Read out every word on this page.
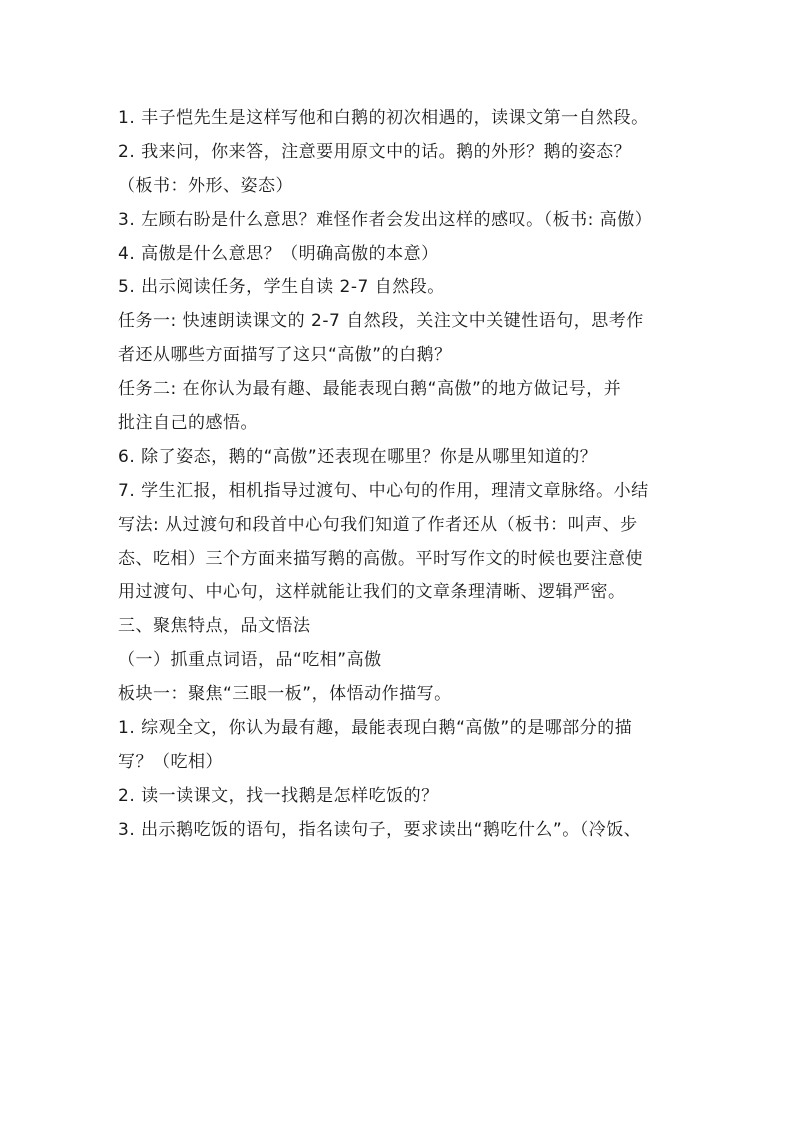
1. 丰子恺先生是这样写他和白鹅的初次相遇的，读课文第一自然段。
2. 我来问，你来答，注意要用原文中的话。鹅的外形？鹅的姿态？
（板书：外形、姿态）
3. 左顾右盼是什么意思？难怪作者会发出这样的感叹。（板书: 高傲）
4. 高傲是什么意思？（明确高傲的本意）
5. 出示阅读任务，学生自读 2-7 自然段。
任务一: 快速朗读课文的 2-7 自然段，关注文中关键性语句，思考作
者还从哪些方面描写了这只“高傲”的白鹅？
任务二: 在你认为最有趣、最能表现白鹅“高傲”的地方做记号，并
批注自己的感悟。
6. 除了姿态，鹅的“高傲”还表现在哪里？你是从哪里知道的？
7. 学生汇报，相机指导过渡句、中心句的作用，理清文章脉络。小结
写法: 从过渡句和段首中心句我们知道了作者还从（板书：叫声、步
态、吃相）三个方面来描写鹅的高傲。平时写作文的时候也要注意使
用过渡句、中心句，这样就能让我们的文章条理清晰、逻辑严密。
三、聚焦特点，品文悟法
（一）抓重点词语，品“吃相”高傲
板块一：聚焦“三眼一板”，体悟动作描写。
1. 综观全文，你认为最有趣，最能表现白鹅“高傲”的是哪部分的描
写？（吃相）
2. 读一读课文，找一找鹅是怎样吃饭的？
3. 出示鹅吃饭的语句，指名读句子，要求读出“鹅吃什么”。（冷饭、
